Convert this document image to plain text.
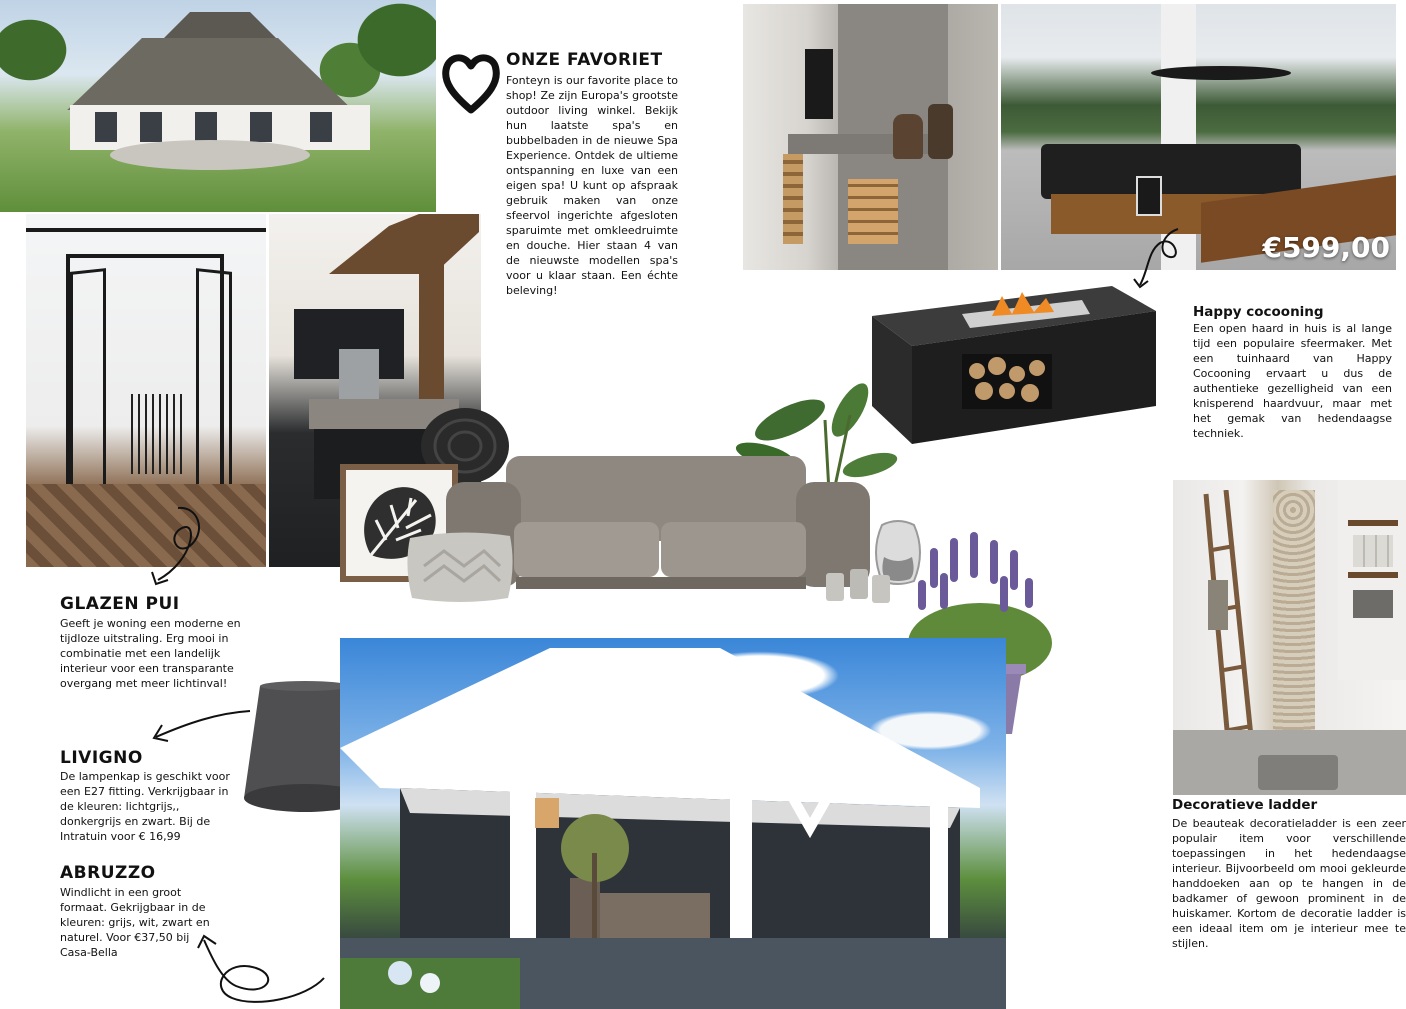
ONZE FAVORIET

Fonteyn is our favorite place to shop! Ze zijn Europa's grootste outdoor living winkel. Bekijk hun laatste spa's en bubbelbaden in de nieuwe Spa Experience. Ontdek de ultieme ontspanning en luxe van een eigen spa! U kunt op afspraak gebruik maken van onze sfeervol ingerichte afgesloten sparuimte met omkleedruimte en douche. Hier staan 4 van de nieuwste modellen spa's voor u klaar staan. Een échte beleving!

€599,00
Happy cocooning

Een open haard in huis is al lange tijd een populaire sfeermaker. Met een tuinhaard van Happy Cocooning ervaart u dus de authentieke gezelligheid van een knisperend haardvuur, maar met het gemak van hedendaagse techniek.

Decoratieve ladder

De beauteak decoratieladder is een zeer populair item voor verschillende toepassingen in het hedendaagse interieur. Bijvoorbeeld om mooi gekleurde handdoeken aan op te hangen in de badkamer of gewoon prominent in de huiskamer. Kortom de decoratie ladder is een ideaal item om je interieur mee te stijlen.

GLAZEN PUI

Geeft je woning een moderne en tijdloze uitstraling. Erg mooi in combinatie met een landelijk interieur voor een transparante overgang met meer lichtinval!

LIVIGNO

De lampenkap is geschikt voor een E27 fitting. Verkrijgbaar in de kleuren: lichtgrijs,, donkergrijs en zwart. Bij de Intratuin voor € 16,99

ABRUZZO

Windlicht in een groot formaat. Gekrijgbaar in de kleuren: grijs, wit, zwart en naturel. Voor €37,50 bij Casa-Bella
